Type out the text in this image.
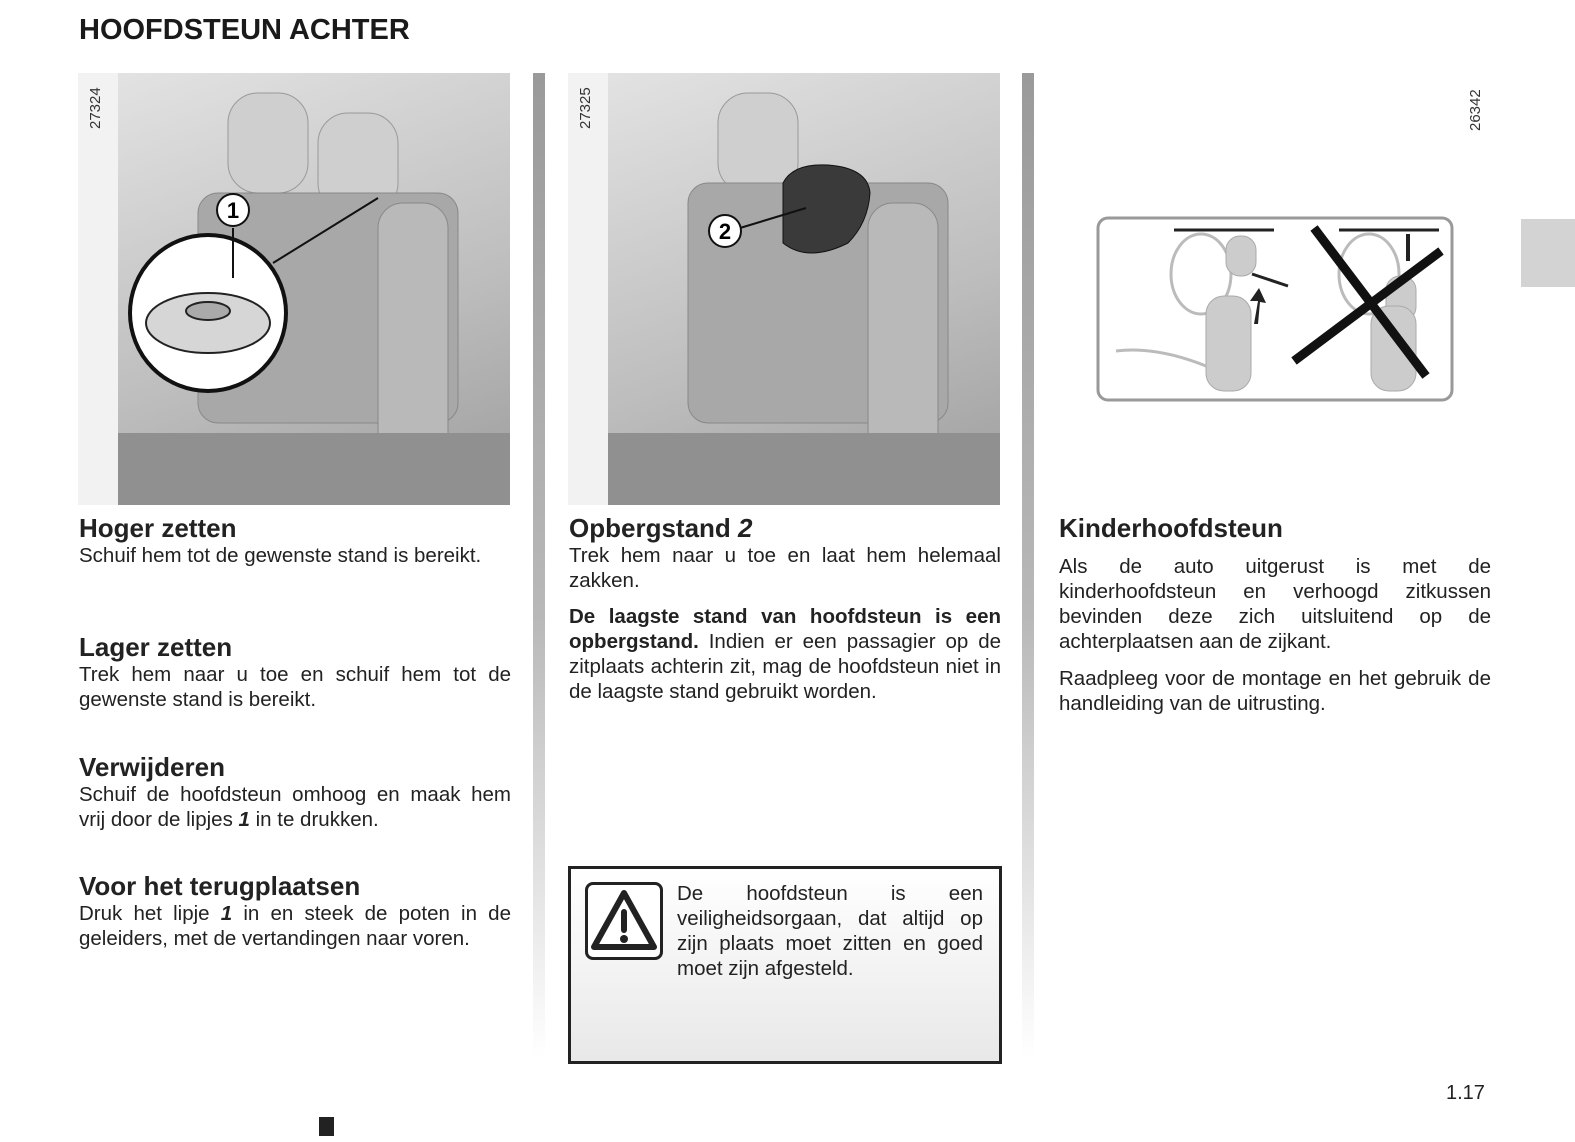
HOOFDSTEUN ACHTER
1
27324
Hoger zetten

Schuif hem tot de gewenste stand is bereikt.

Lager zetten

Trek hem naar u toe en schuif hem tot de gewenste stand is bereikt.

Verwijderen

Schuif de hoofdsteun omhoog en maak hem vrij door de lipjes 1 in te drukken.

Voor het terugplaatsen

Druk het lipje 1 in en steek de poten in de geleiders, met de vertandingen naar voren.

2
27325
Opbergstand 2

Trek hem naar u toe en laat hem helemaal zakken.

De laagste stand van hoofdsteun is een opbergstand. Indien er een passagier op de zitplaats achterin zit, mag de hoofdsteun niet in de laagste stand gebruikt worden.

De hoofdsteun is een veiligheidsorgaan, dat altijd op zijn plaats moet zitten en goed moet zijn afgesteld.
26342
Kinderhoofdsteun

Als de auto uitgerust is met de kinderhoofdsteun en verhoogd zitkussen bevinden deze zich uitsluitend op de achterplaatsen aan de zijkant.

Raadpleeg voor de montage en het gebruik de handleiding van de uitrusting.

1.17
